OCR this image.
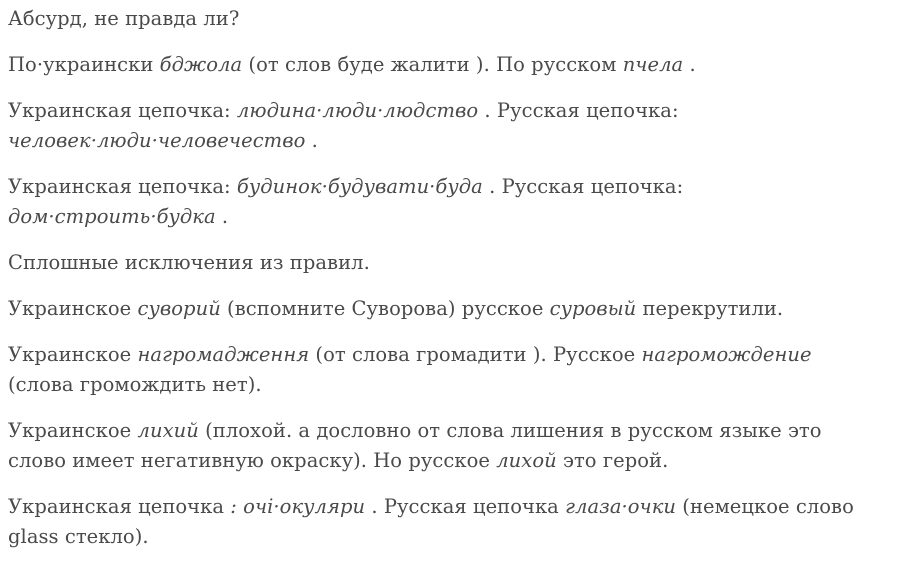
Абсурд, не правда ли?

По·украински бджола (от слов буде жалити ). По русском пчела .

Украинская цепочка: людина·люди·людство . Русская цепочка: человек·люди·человечество .

Украинская цепочка: будинок·будувати·буда . Русская цепочка: дом·строить·будка .

Сплошные исключения из правил.

Украинское суворий (вспомните Суворова) русское суровый перекрутили.

Украинское нагромадження (от слова громадити ). Русское нагромождение (слова громождить нет).

Украинское лихий (плохой. а дословно от слова лишения в русском языке это слово имеет негативную окраску). Но русское лихой это герой.

Украинская цепочка : очі·окуляри . Русская цепочка глаза·очки (немецкое слово glass стекло).
